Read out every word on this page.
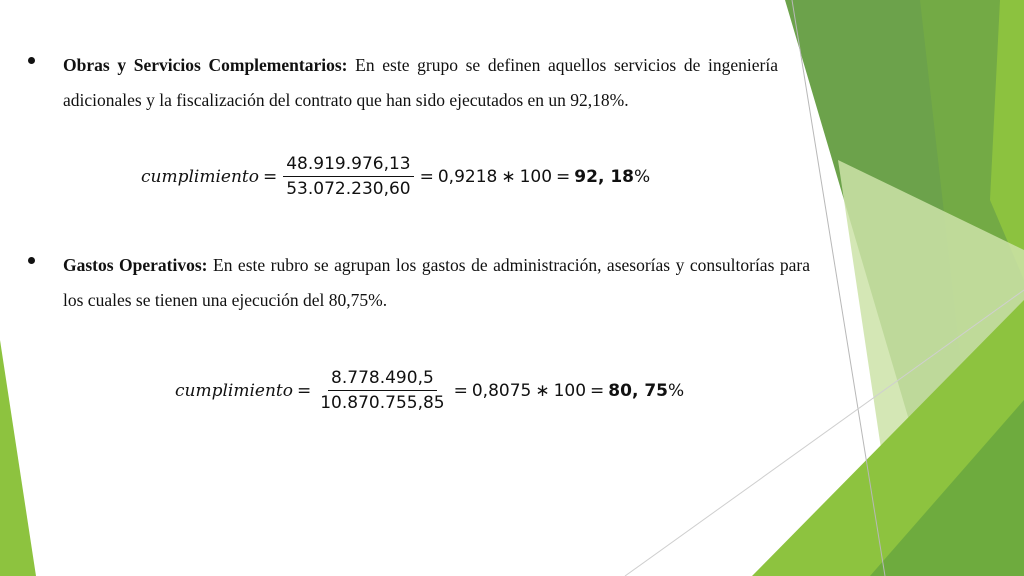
Obras y Servicios Complementarios: En este grupo se definen aquellos servicios de ingeniería adicionales y la fiscalización del contrato que han sido ejecutados en un 92,18%.
cumplimiento = $\frac{48.919.976,13}{53.072.230,60} = 0,9218$ ∗ 100 = 92, 18 %
Gastos Operativos: En este rubro se agrupan los gastos de administración, asesorías y consultorías para los cuales se tienen una ejecución del 80,75%.
cumplimiento = $\frac{8.778.490,5}{10.870.755,85} = 0,8075$ ∗ 100 = 80, 75 %
